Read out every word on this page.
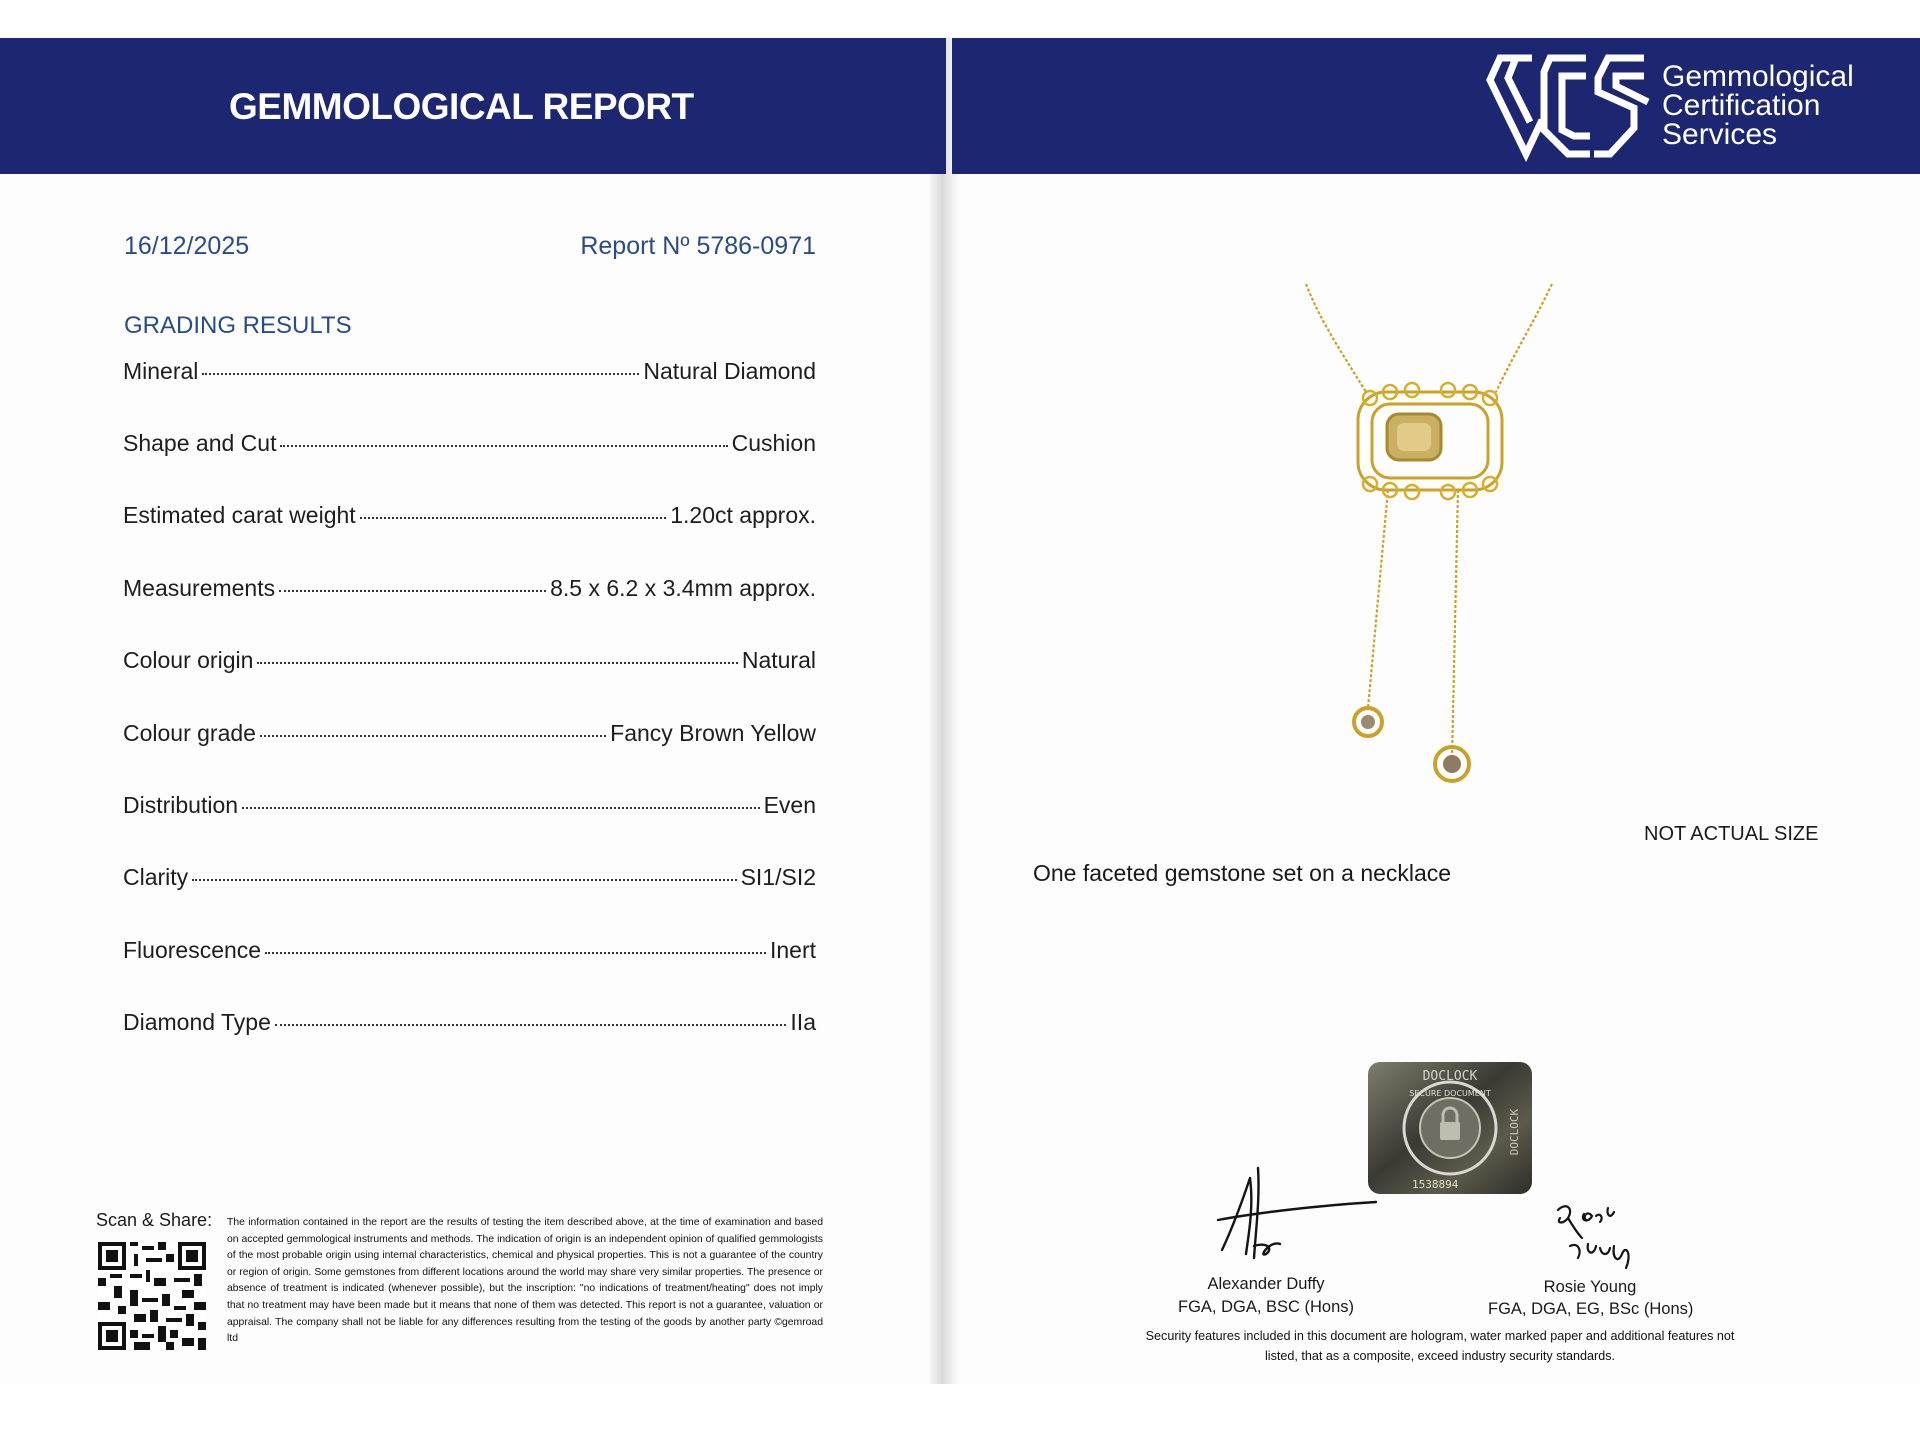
GEMMOLOGICAL REPORT
Gemmological
Certification
Services
16/12/2025	Report Nº 5786-0971
GRADING RESULTS
Mineral	Natural Diamond
Shape and Cut	Cushion
Estimated carat weight	1.20ct approx.
Measurements	8.5 x 6.2 x 3.4mm approx.
Colour origin	Natural
Colour grade	Fancy Brown Yellow
Distribution	Even
Clarity	SI1/SI2
Fluorescence	Inert
Diamond Type	IIa
Scan & Share: The information contained in the report are the results of testing the item described above, at the time of examination and based on accepted gemmological instruments and methods. The indication of origin is an independent opinion of qualified gemmologists of the most probable origin using internal characteristics, chemical and physical properties. This is not a guarantee of the country or region of origin. Some gemstones from different locations around the world may share very similar properties. The presence or absence of treatment is indicated (whenever possible), but the inscription: "no indications of treatment/heating" does not imply that no treatment may have been made but it means that none of them was detected. This report is not a guarantee, valuation or appraisal. The company shall not be liable for any differences resulting from the testing of the goods by another party ©gemroad ltd
NOT ACTUAL SIZE
One faceted gemstone set on a necklace
DOCLOCK
SECURE DOCUMENT
DOCLOCK
1538894
Alexander Duffy
FGA, DGA, BSC (Hons)
Rosie Young
FGA, DGA, EG, BSc (Hons)
Security features included in this document are hologram, water marked paper and additional features not listed, that as a composite, exceed industry security standards.
